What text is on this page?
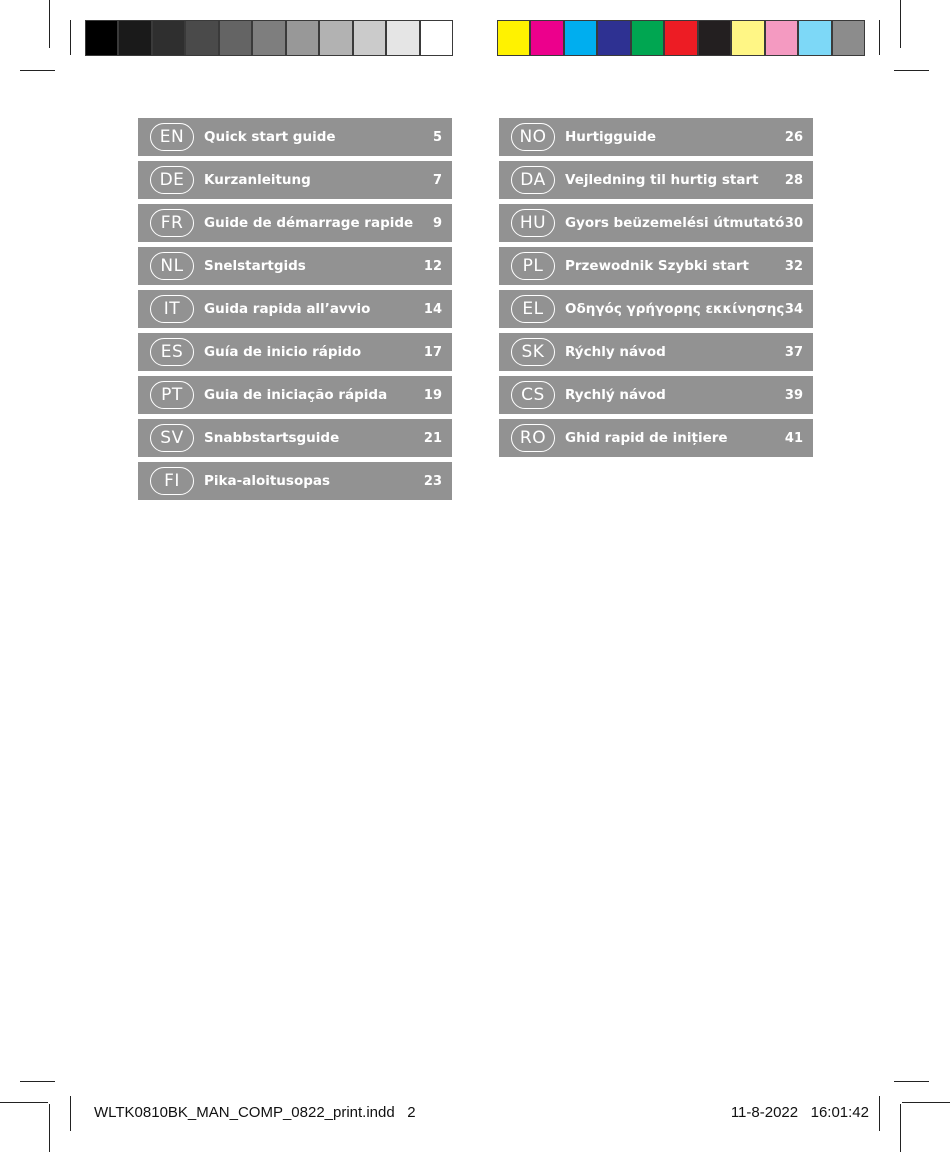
EN	Quick start guide	5
DE	Kurzanleitung	7
FR	Guide de démarrage rapide 9
NL	Snelstartgids	12
IT	Guida rapida all’avvio	14
ES	Guía de inicio rápido	17
PT	Guia de iniciação rápida	19
SV	Snabbstartsguide	21
FI	Pika-aloitusopas	23
NO	Hurtigguide	26
DA	Vejledning til hurtig start 28
HU	Gyors beüzemelési útmutató 30
PL	Przewodnik Szybki start	32
EL	Οδηγός γρήγορης εκκίνησης 34
SK	Rýchly návod	37
CS	Rychlý návod	39
RO	Ghid rapid de inițiere	41
WLTK0810BK_MAN_COMP_0822_print.indd   2	11-8-2022   16:01:42
